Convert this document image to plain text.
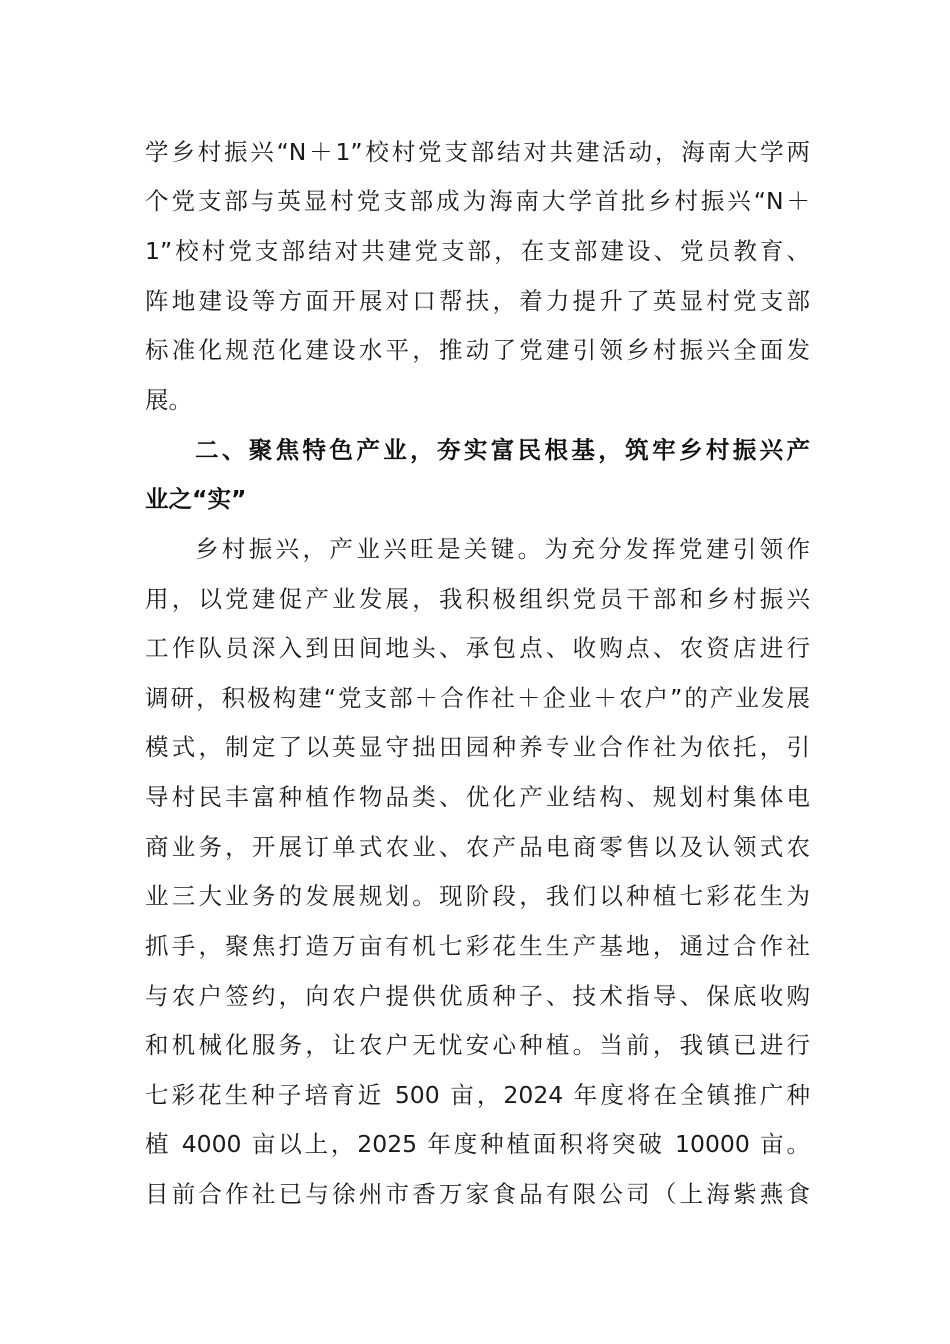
学乡村振兴“N＋1”校村党支部结对共建活动，海南大学两
个党支部与英显村党支部成为海南大学首批乡村振兴“N＋
1”校村党支部结对共建党支部，在支部建设、党员教育、
阵地建设等方面开展对口帮扶，着力提升了英显村党支部
标准化规范化建设水平，推动了党建引领乡村振兴全面发
展。
二、聚焦特色产业，夯实富民根基，筑牢乡村振兴产
业之“实”
乡村振兴，产业兴旺是关键。为充分发挥党建引领作
用，以党建促产业发展，我积极组织党员干部和乡村振兴
工作队员深入到田间地头、承包点、收购点、农资店进行
调研，积极构建“党支部＋合作社＋企业＋农户”的产业发展
模式，制定了以英显守拙田园种养专业合作社为依托，引
导村民丰富种植作物品类、优化产业结构、规划村集体电
商业务，开展订单式农业、农产品电商零售以及认领式农
业三大业务的发展规划。现阶段，我们以种植七彩花生为
抓手，聚焦打造万亩有机七彩花生生产基地，通过合作社
与农户签约，向农户提供优质种子、技术指导、保底收购
和机械化服务，让农户无忧安心种植。当前，我镇已进行
七彩花生种子培育近 500 亩，2024 年度将在全镇推广种
植 4000 亩以上，2025 年度种植面积将突破 10000 亩。
目前合作社已与徐州市香万家食品有限公司（上海紫燕食
